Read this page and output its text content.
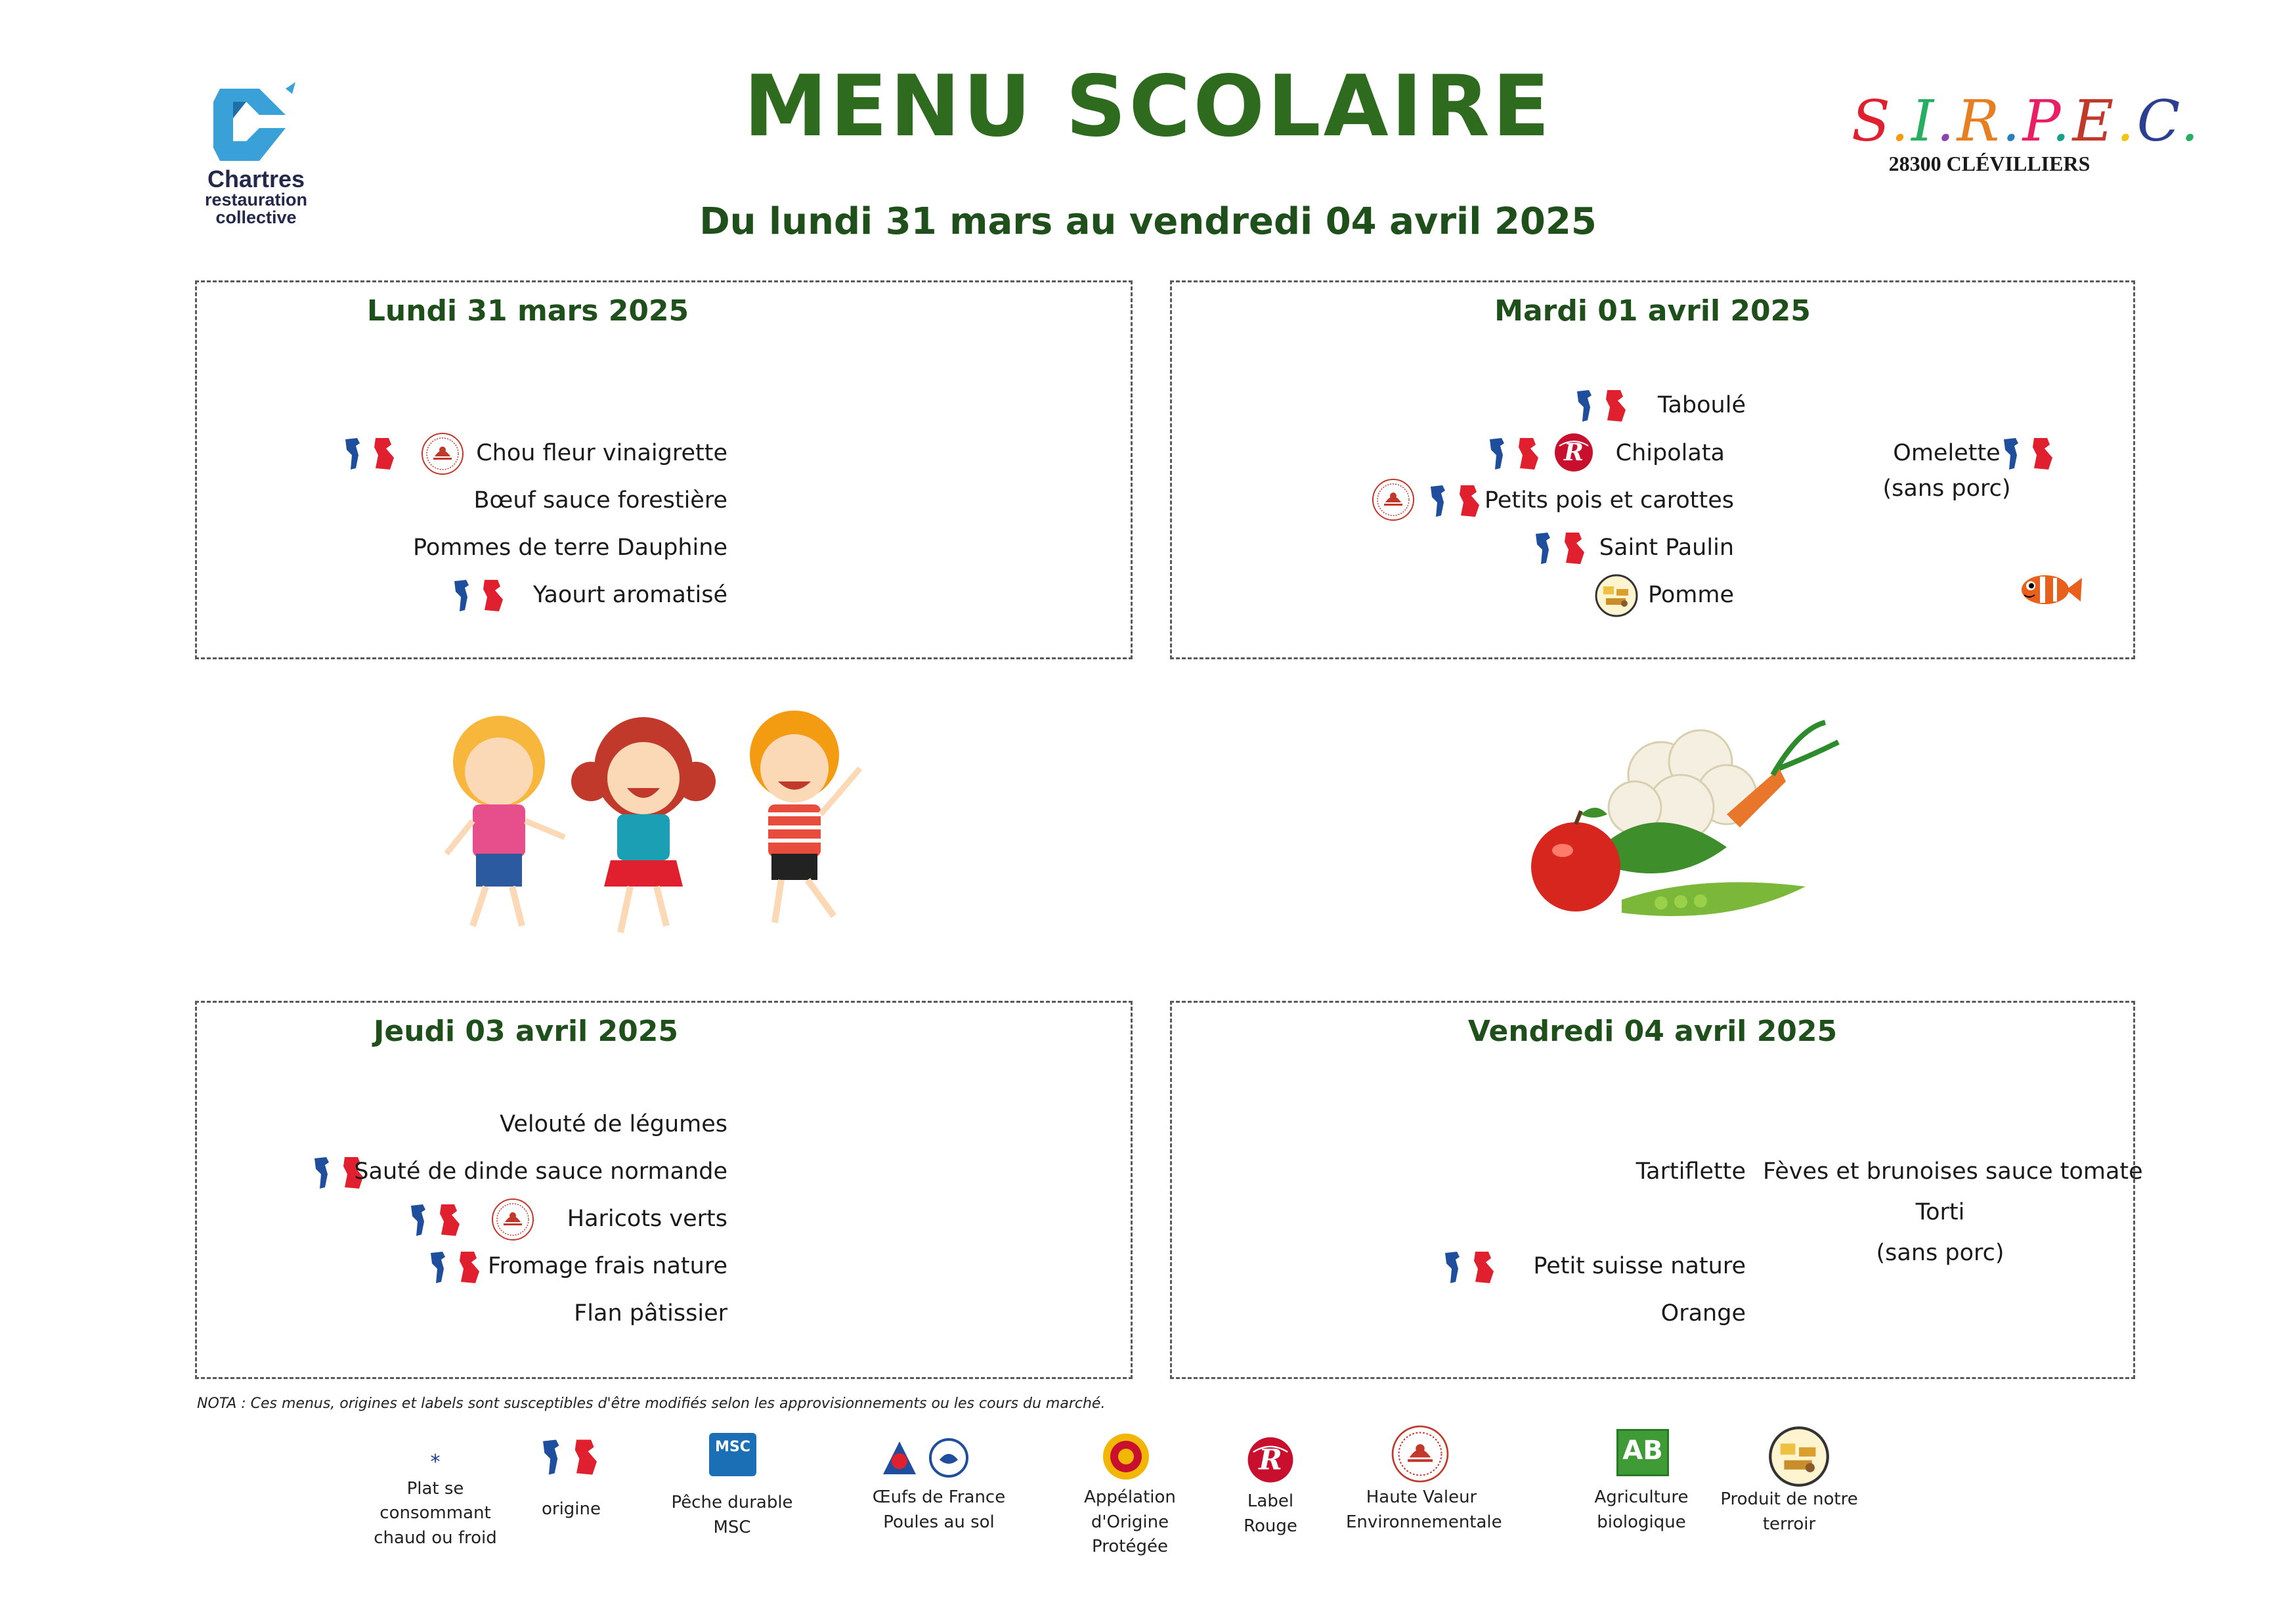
Chartres
restauration
collective
MENU SCOLAIRE
Du lundi 31 mars au vendredi 04 avril 2025
S.I.R.P.E.C.
28300 CLÉVILLIERS
Lundi 31 mars 2025
Chou fleur vinaigrette
Bœuf sauce forestière
Pommes de terre Dauphine
Yaourt aromatisé
Mardi 01 avril 2025
Taboulé
Chipolata
Petits pois et carottes
Saint Paulin
Pomme
Omelette
(sans porc)
Jeudi 03 avril 2025
Velouté de légumes
Sauté de dinde sauce normande
Haricots verts
Fromage frais nature
Flan pâtissier
Vendredi 04 avril 2025
Tartiflette
Petit suisse nature
Orange
Fèves et brunoises sauce tomate
Torti
(sans porc)
NOTA : Ces menus, origines et labels sont susceptibles d'être modifiés selon les approvisionnements ou les cours du marché.
*
Plat se
consommant
chaud ou froid
origine
MSC
Pêche durable
MSC
Œufs de France
Poules au sol
Appélation
d'Origine
Protégée
Label
Rouge
Haute Valeur
Environnementale
AB
Agriculture
biologique
Produit de notre
terroir
